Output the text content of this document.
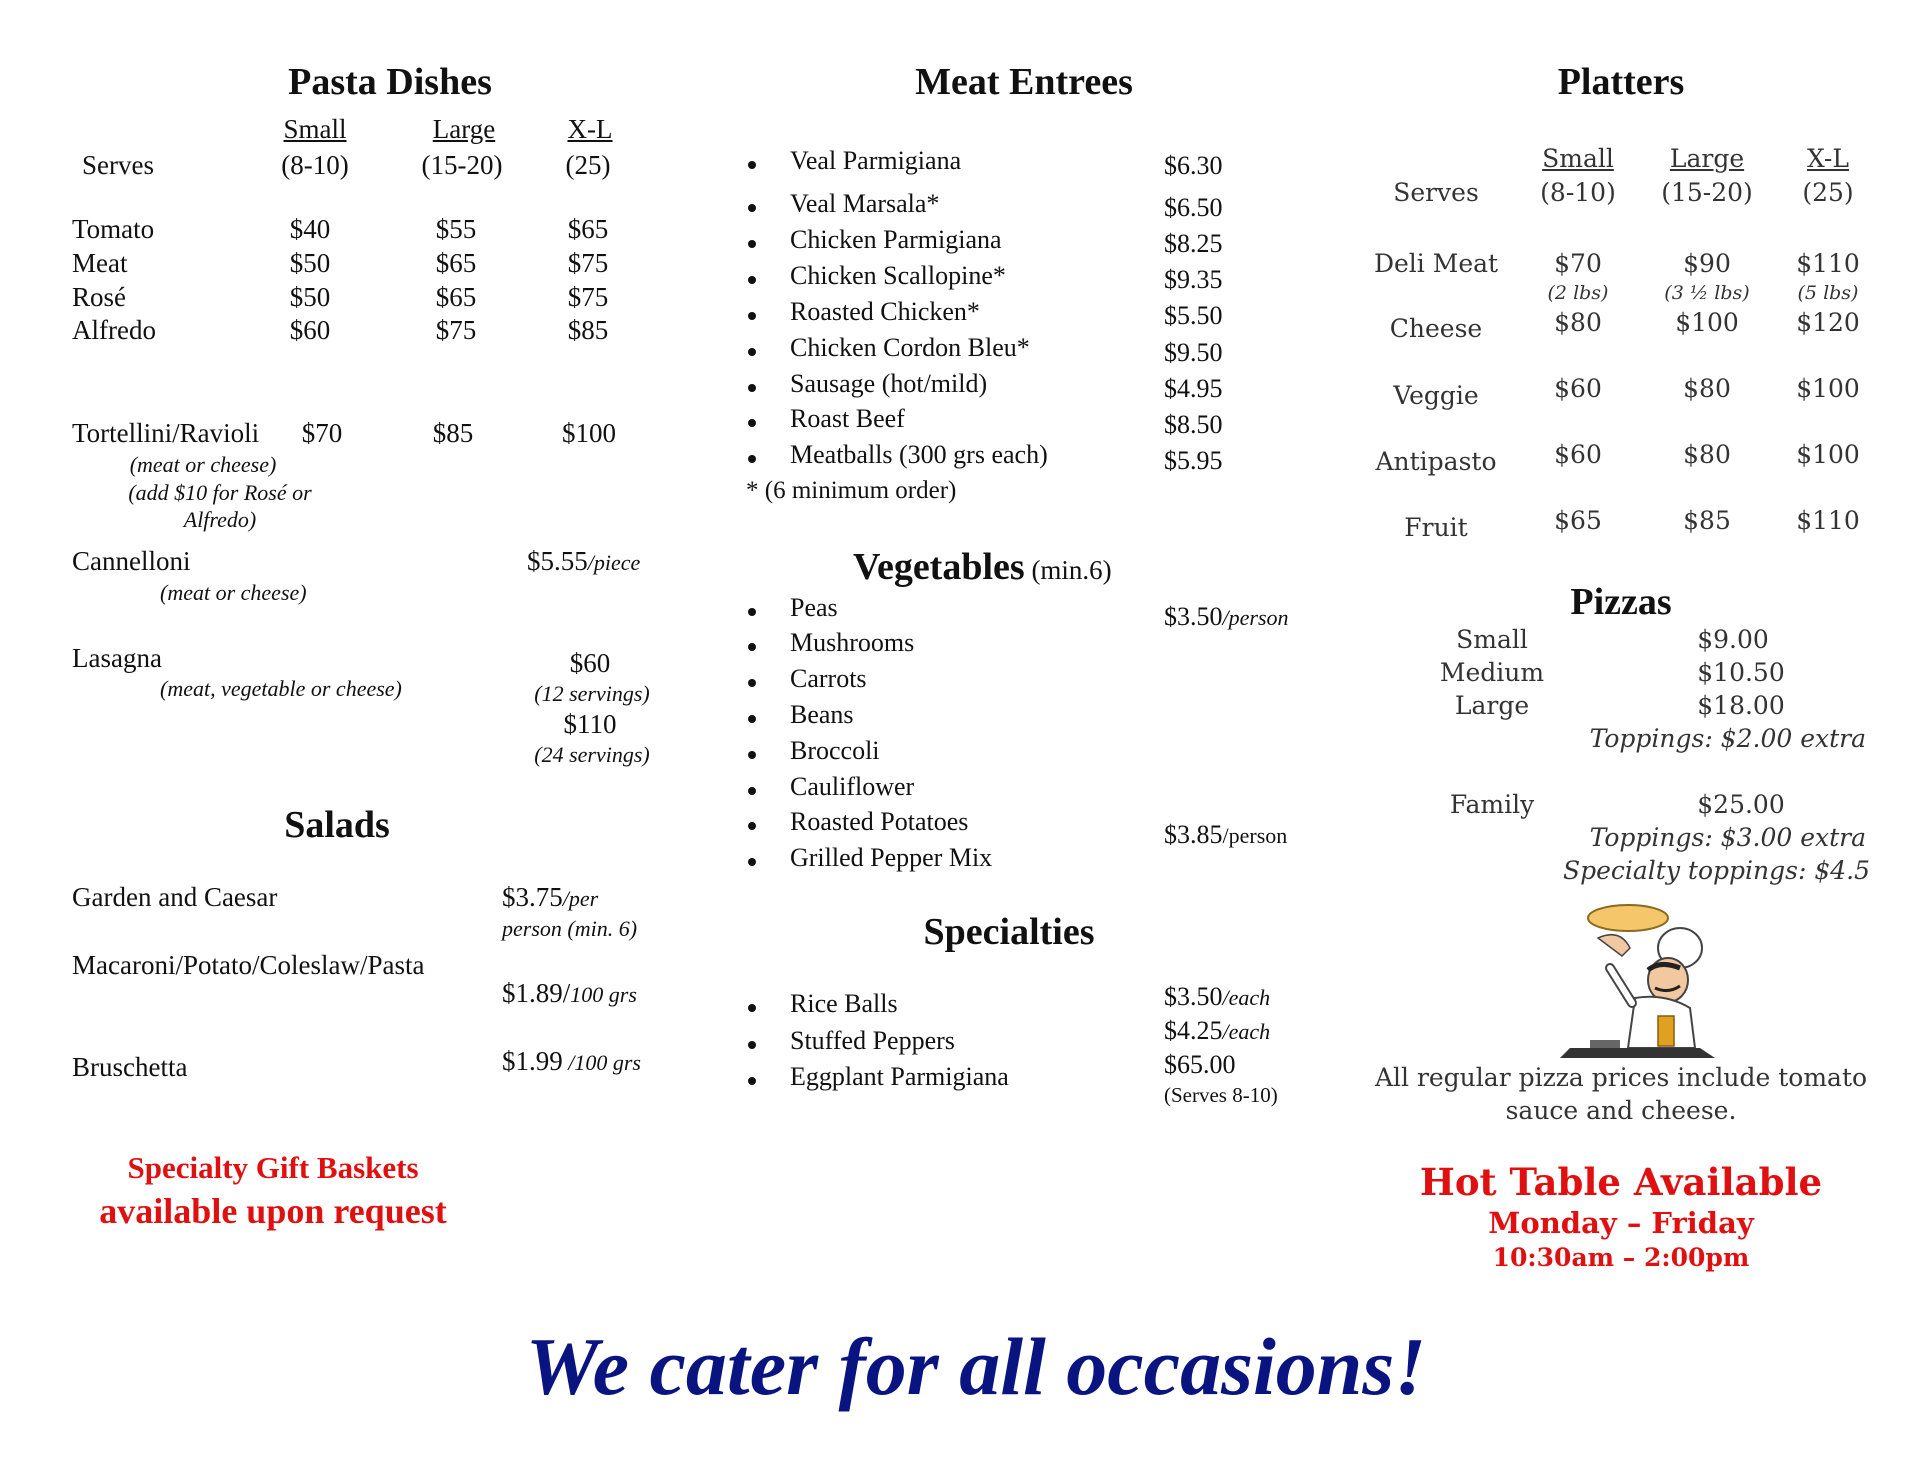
Pasta Dishes
Small	Large	X-L
Serves	(8-10)	(15-20) (25)
Tomato	$40	$55	$65
Meat	$50	$65	$75
Rosé	$50	$65	$75
Alfredo	$60	$75	$85
Tortellini/Ravioli $70	$85	$100
(meat or cheese)
(add $10 for Rosé or
Alfredo)
Cannelloni	$5.55/piece
(meat or cheese)
Lasagna
(meat, vegetable or cheese)
$60
(12 servings)
$110
(24 servings)
Salads
Garden and Caesar	$3.75/per
person (min. 6)
Macaroni/Potato/Coleslaw/Pasta
$1.89/100 grs
Bruschetta	$1.99 /100 grs
Specialty Gift Baskets
available upon request
Meat Entrees
Veal Parmigiana	$6.30
Veal Marsala*	$6.50
Chicken Parmigiana	$8.25
Chicken Scallopine*	$9.35
Roasted Chicken*	$5.50
Chicken Cordon Bleu*	$9.50
Sausage (hot/mild)	$4.95
Roast Beef	$8.50
Meatballs (300 grs each)	$5.95
* (6 minimum order)
Vegetables (min.6)
Peas
Mushrooms
Carrots
Beans
Broccoli
Cauliflower
Roasted Potatoes
Grilled Pepper Mix
$3.50/person
$3.85/person
Specialties
Rice Balls	$3.50/each
Stuffed Peppers	$4.25/each
Eggplant Parmigiana	$65.00
(Serves 8-10)
Platters
Small Large	X-L
Serves (8-10) (15-20) (25)
Deli Meat $70	$90	$110
(2 lbs)	(3 ½ lbs)	(5 lbs)
Cheese	$80	$100 $120
Veggie	$60	$80	$100
Antipasto $60	$80	$100
Fruit	$65	$85	$110
Pizzas
Small	$9.00
Medium	$10.50
Large	$18.00
Toppings: $2.00 extra
Family	$25.00
Toppings: $3.00 extra
Specialty toppings: $4.5
All regular pizza prices include tomato
sauce and cheese.
Hot Table Available
Monday – Friday
10:30am – 2:00pm
We cater for all occasions!
